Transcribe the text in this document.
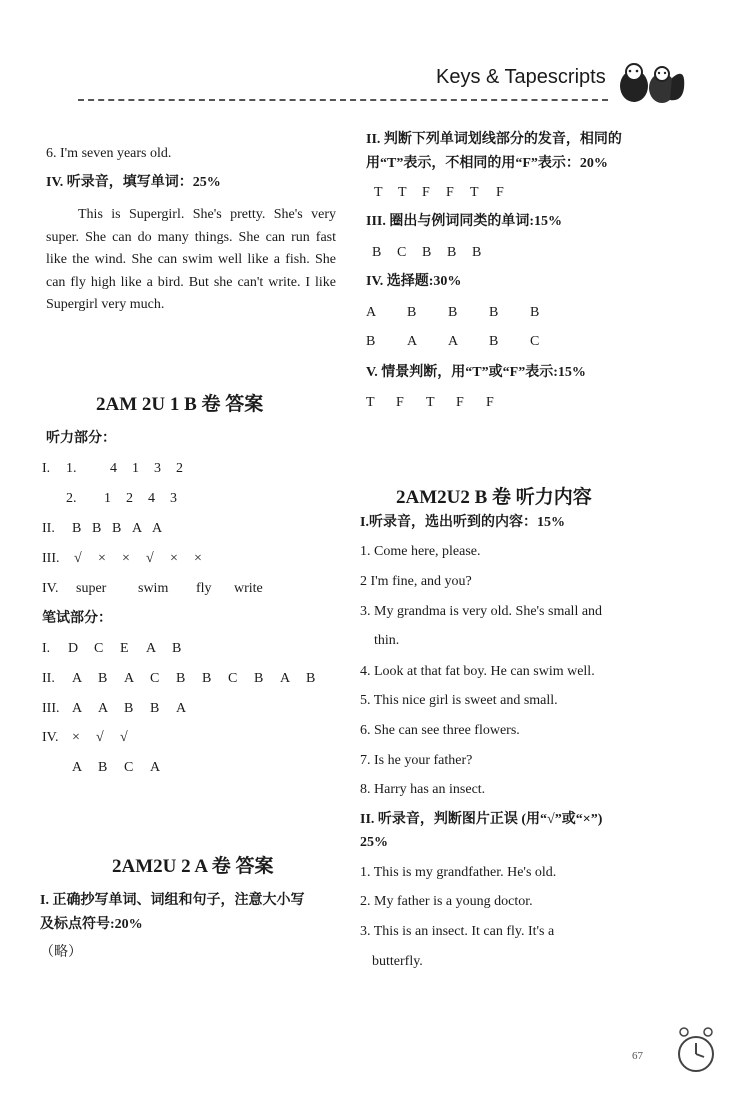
Keys & Tapescripts
6. I'm seven years old.
IV. 听录音，填写单词：25%

This is Supergirl. She's pretty. She's very super. She can do many things. She can run fast like the wind. She can swim well like a fish. She can fly high like a bird. But she can't write. I like Supergirl very much.

2AM 2U 1 B 卷 答案
听力部分：
I. 1. 4 1 3 2
2. 1 2 4 3
II. B B B A A
III. √ × × √ × ×
IV. super swim fly write
笔试部分：
I. D C E A B
II. A B A C B B C B A B
III. A A B B A
IV. × √ √
A B C A
2AM2U 2 A 卷 答案
I. 正确抄写单词、词组和句子，注意大小写
及标点符号:20%
（略）
II. 判断下列单词划线部分的发音，相同的
用“T”表示，不相同的用“F”表示：20%
T T F F T F
III. 圈出与例词同类的单词:15%
B C B B B
IV. 选择题:30%
A B B B B
B A A B C
V. 情景判断，用“T”或“F”表示:15%
T F T F F
2AM2U2 B 卷 听力内容
I.听录音，选出听到的内容：15%
1. Come here, please.
2 I'm fine, and you?
3. My grandma is very old. She's small and
thin.
4. Look at that fat boy. He can swim well.
5. This nice girl is sweet and small.
6. She can see three flowers.
7. Is he your father?
8. Harry has an insect.
II. 听录音，判断图片正误 (用“√”或“×”)
25%
1. This is my grandfather. He's old.
2. My father is a young doctor.
3. This is an insect. It can fly. It's a
butterfly.
67
